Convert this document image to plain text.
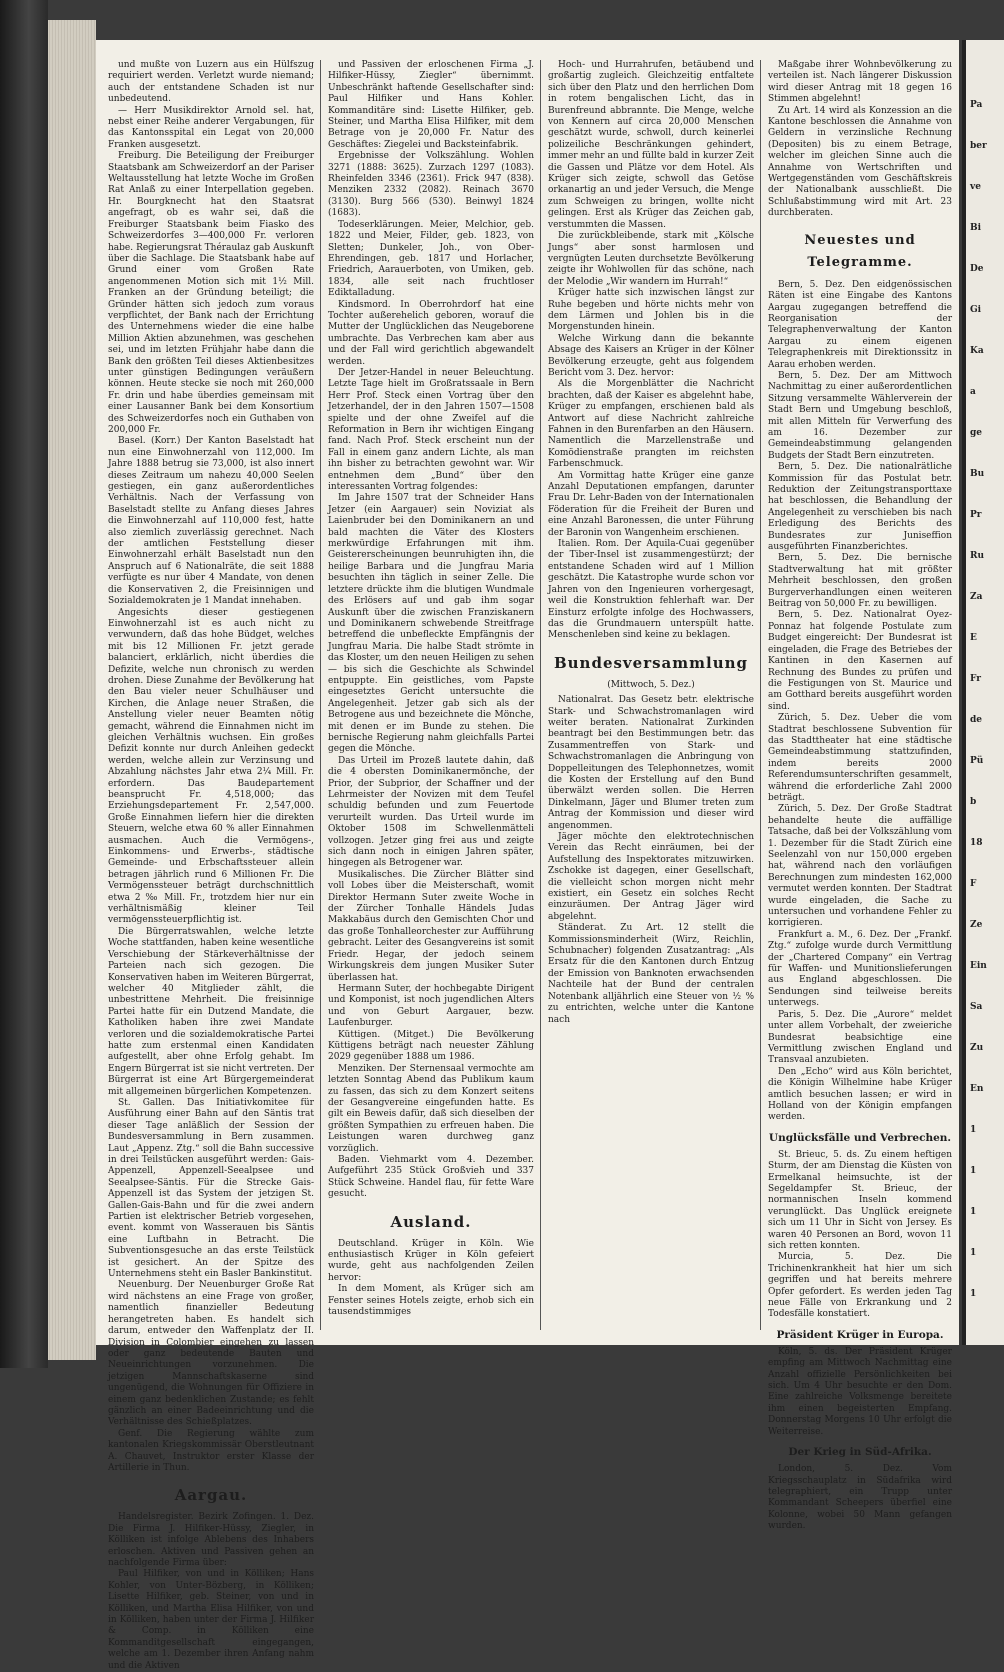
und mußte von Luzern aus ein Hülfszug requiriert werden. Verletzt wurde niemand; auch der entstandene Schaden ist nur unbedeutend.

— Herr Musikdirektor Arnold sel. hat, nebst einer Reihe anderer Vergabungen, für das Kantonsspital ein Legat von 20,000 Franken ausgesetzt.

Freiburg. Die Beteiligung der Freiburger Staatsbank am Schweizerdorf an der Pariser Weltausstellung hat letzte Woche im Großen Rat Anlaß zu einer Interpellation gegeben. Hr. Bourgknecht hat den Staatsrat angefragt, ob es wahr sei, daß die Freiburger Staatsbank beim Fiasko des Schweizerdorfes 3—400,000 Fr. verloren habe. Regierungsrat Théraulaz gab Auskunft über die Sachlage. Die Staatsbank habe auf Grund einer vom Großen Rate angenommenen Motion sich mit 1½ Mill. Franken an der Gründung beteiligt; die Gründer hätten sich jedoch zum voraus verpflichtet, der Bank nach der Errichtung des Unternehmens wieder die eine halbe Million Aktien abzunehmen, was geschehen sei, und im letzten Frühjahr habe dann die Bank den größten Teil dieses Aktienbesitzes unter günstigen Bedingungen veräußern können. Heute stecke sie noch mit 260,000 Fr. drin und habe überdies gemeinsam mit einer Lausanner Bank bei dem Konsortium des Schweizerdorfes noch ein Guthaben von 200,000 Fr.

Basel. (Korr.) Der Kanton Baselstadt hat nun eine Einwohnerzahl von 112,000. Im Jahre 1888 betrug sie 73,000, ist also innert dieses Zeitraum um nahezu 40,000 Seelen gestiegen, ein ganz außerordentliches Verhältnis. Nach der Verfassung von Baselstadt stellte zu Anfang dieses Jahres die Einwohnerzahl auf 110,000 fest, hatte also ziemlich zuverlässig gerechnet. Nach der amtlichen Feststellung dieser Einwohnerzahl erhält Baselstadt nun den Anspruch auf 6 Nationalräte, die seit 1888 verfügte es nur über 4 Mandate, von denen die Konservativen 2, die Freisinnigen und Sozialdemokraten je 1 Mandat innehaben.

Angesichts dieser gestiegenen Einwohnerzahl ist es auch nicht zu verwundern, daß das hohe Büdget, welches mit bis 12 Millionen Fr. jetzt gerade balanciert, erklärlich, nicht überdies die Defizite, welche nun chronisch zu werden drohen. Diese Zunahme der Bevölkerung hat den Bau vieler neuer Schulhäuser und Kirchen, die Anlage neuer Straßen, die Anstellung vieler neuer Beamten nötig gemacht, während die Einnahmen nicht im gleichen Verhältnis wuchsen. Ein großes Defizit konnte nur durch Anleihen gedeckt werden, welche allein zur Verzinsung und Abzahlung nächstes Jahr etwa 2¼ Mill. Fr. erfordern. Das Baudepartement beansprucht Fr. 4,518,000; das Erziehungsdepartement Fr. 2,547,000. Große Einnahmen liefern hier die direkten Steuern, welche etwa 60 % aller Einnahmen ausmachen. Auch die Vermögens-, Einkommens- und Erwerbs-, städtische Gemeinde- und Erbschaftssteuer allein betragen jährlich rund 6 Millionen Fr. Die Vermögenssteuer beträgt durchschnittlich etwa 2 ‰ Mill. Fr., trotzdem hier nur ein verhältnismäßig kleiner Teil vermögenssteuerpflichtig ist.

Die Bürgerratswahlen, welche letzte Woche stattfanden, haben keine wesentliche Verschiebung der Stärkeverhältnisse der Parteien nach sich gezogen. Die Konservativen haben im Weiteren Bürgerrat, welcher 40 Mitglieder zählt, die unbestrittene Mehrheit. Die freisinnige Partei hatte für ein Dutzend Mandate, die Katholiken haben ihre zwei Mandate verloren und die sozialdemokratische Partei hatte zum erstenmal einen Kandidaten aufgestellt, aber ohne Erfolg gehabt. Im Engern Bürgerrat ist sie nicht vertreten. Der Bürgerrat ist eine Art Bürgergemeinderat mit allgemeinen bürgerlichen Kompetenzen.

St. Gallen. Das Initiativkomitee für Ausführung einer Bahn auf den Säntis trat dieser Tage anläßlich der Session der Bundesversammlung in Bern zusammen. Laut „Appenz. Ztg.“ soll die Bahn successive in drei Teilstücken ausgeführt werden: Gais-Appenzell, Appenzell-Seealpsee und Seealpsee-Säntis. Für die Strecke Gais-Appenzell ist das System der jetzigen St. Gallen-Gais-Bahn und für die zwei andern Partien ist elektrischer Betrieb vorgesehen, event. kommt von Wasserauen bis Säntis eine Luftbahn in Betracht. Die Subventionsgesuche an das erste Teilstück ist gesichert. An der Spitze des Unternehmens steht ein Basler Bankinstitut.

Neuenburg. Der Neuenburger Große Rat wird nächstens an eine Frage von großer, namentlich finanzieller Bedeutung herangetreten haben. Es handelt sich darum, entweder den Waffenplatz der II. Division in Colombier eingehen zu lassen oder ganz bedeutende Bauten und Neueinrichtungen vorzunehmen. Die jetzigen Mannschaftskaserne sind ungenügend, die Wohnungen für Offiziere in einem ganz bedenklichen Zustande; es fehlt gänzlich an einer Badeeinrichtung und die Verhältnisse des Schießplatzes.

Genf. Die Regierung wählte zum kantonalen Kriegskommissär Oberstleutnant A. Chauvet, Instruktor erster Klasse der Artillerie in Thun.

Aargau.

Handelsregister. Bezirk Zofingen. 1. Dez. Die Firma J. Hilfiker-Hüssy, Ziegler, in Kölliken ist infolge Ablebens des Inhabers erloschen. Aktiven und Passiven gehen an nachfolgende Firma über:

Paul Hilfiker, von und in Kölliken; Hans Kohler, von Unter-Bözberg, in Kölliken; Lisette Hilfiker, geb. Steiner, von und in Kölliken, und Martha Elisa Hilfiker, von und in Kölliken, haben unter der Firma J. Hilfiker & Comp. in Kölliken eine Kommanditgesellschaft eingegangen, welche am 1. Dezember ihren Anfang nahm und die Aktiven

und Passiven der erloschenen Firma „J. Hilfiker-Hüssy, Ziegler“ übernimmt. Unbeschränkt haftende Gesellschafter sind: Paul Hilfiker und Hans Kohler. Kommanditäre sind: Lisette Hilfiker, geb. Steiner, und Martha Elisa Hilfiker, mit dem Betrage von je 20,000 Fr. Natur des Geschäftes: Ziegelei und Backsteinfabrik.

Ergebnisse der Volkszählung. Wohlen 3271 (1888: 3625). Zurzach 1297 (1083). Rheinfelden 3346 (2361). Frick 947 (838). Menziken 2332 (2082). Reinach 3670 (3130). Burg 566 (530). Beinwyl 1824 (1683).

Todeserklärungen. Meier, Melchior, geb. 1822 und Meier, Filder, geb. 1823, von Sletten; Dunkeler, Joh., von Ober-Ehrendingen, geb. 1817 und Horlacher, Friedrich, Aarauerboten, von Umiken, geb. 1834, alle seit nach fruchtloser Ediktalladung.

Kindsmord. In Oberrohrdorf hat eine Tochter außerehelich geboren, worauf die Mutter der Unglücklichen das Neugeborene umbrachte. Das Verbrechen kam aber aus und der Fall wird gerichtlich abgewandelt werden.

Der Jetzer-Handel in neuer Beleuchtung. Letzte Tage hielt im Großratssaale in Bern Herr Prof. Steck einen Vortrag über den Jetzerhandel, der in den Jahren 1507—1508 spielte und der ohne Zweifel auf die Reformation in Bern ihr wichtigen Eingang fand. Nach Prof. Steck erscheint nun der Fall in einem ganz andern Lichte, als man ihn bisher zu betrachten gewohnt war. Wir entnehmen dem „Bund“ über den interessanten Vortrag folgendes:

Im Jahre 1507 trat der Schneider Hans Jetzer (ein Aargauer) sein Noviziat als Laienbruder bei den Dominikanern an und bald machten die Väter des Klosters merkwürdige Erfahrungen mit ihm. Geistererscheinungen beunruhigten ihn, die heilige Barbara und die Jungfrau Maria besuchten ihn täglich in seiner Zelle. Die letztere drückte ihm die blutigen Wundmale des Erlösers auf und gab ihm sogar Auskunft über die zwischen Franziskanern und Dominikanern schwebende Streitfrage betreffend die unbefleckte Empfängnis der Jungfrau Maria. Die halbe Stadt strömte in das Kloster, um den neuen Heiligen zu sehen — bis sich die Geschichte als Schwindel entpuppte. Ein geistliches, vom Papste eingesetztes Gericht untersuchte die Angelegenheit. Jetzer gab sich als der Betrogene aus und bezeichnete die Mönche, mit denen er im Bunde zu stehen. Die bernische Regierung nahm gleichfalls Partei gegen die Mönche.

Das Urteil im Prozeß lautete dahin, daß die 4 obersten Dominikanermönche, der Prior, der Subprior, der Schaffner und der Lehrmeister der Novizen mit dem Teufel schuldig befunden und zum Feuertode verurteilt wurden. Das Urteil wurde im Oktober 1508 im Schwellenmätteli vollzogen. Jetzer ging frei aus und zeigte sich dann noch in einigen Jahren später, hingegen als Betrogener war.

Musikalisches. Die Zürcher Blätter sind voll Lobes über die Meisterschaft, womit Direktor Hermann Suter zweite Woche in der Zürcher Tonhalle Händels Judas Makkabäus durch den Gemischten Chor und das große Tonhalleorchester zur Aufführung gebracht. Leiter des Gesangvereins ist somit Friedr. Hegar, der jedoch seinem Wirkungskreis dem jungen Musiker Suter überlassen hat.

Hermann Suter, der hochbegabte Dirigent und Komponist, ist noch jugendlichen Alters und von Geburt Aargauer, bezw. Laufenburger.

Küttigen. (Mitget.) Die Bevölkerung Küttigens beträgt nach neuester Zählung 2029 gegenüber 1888 um 1986.

Menziken. Der Sternensaal vermochte am letzten Sonntag Abend das Publikum kaum zu fassen, das sich zu dem Konzert seitens der Gesangvereine eingefunden hatte. Es gilt ein Beweis dafür, daß sich dieselben der größten Sympathien zu erfreuen haben. Die Leistungen waren durchweg ganz vorzüglich.

Baden. Viehmarkt vom 4. Dezember. Aufgeführt 235 Stück Großvieh und 337 Stück Schweine. Handel flau, für fette Ware gesucht.

Ausland.

Deutschland. Krüger in Köln. Wie enthusiastisch Krüger in Köln gefeiert wurde, geht aus nachfolgenden Zeilen hervor:

In dem Moment, als Krüger sich am Fenster seines Hotels zeigte, erhob sich ein tausendstimmiges

Hoch- und Hurrahrufen, betäubend und großartig zugleich. Gleichzeitig entfaltete sich über den Platz und den herrlichen Dom in rotem bengalischen Licht, das in Burenfreund abbrannte. Die Menge, welche von Kennern auf circa 20,000 Menschen geschätzt wurde, schwoll, durch keinerlei polizeiliche Beschränkungen gehindert, immer mehr an und füllte bald in kurzer Zeit die Gassen und Plätze vor dem Hotel. Als Krüger sich zeigte, schwoll das Getöse orkanartig an und jeder Versuch, die Menge zum Schweigen zu bringen, wollte nicht gelingen. Erst als Krüger das Zeichen gab, verstummten die Massen.

Die zurückbleibende, stark mit „Kölsche Jungs“ aber sonst harmlosen und vergnügten Leuten durchsetzte Bevölkerung zeigte ihr Wohlwollen für das schöne, nach der Melodie „Wir wandern im Hurrah!“

Krüger hatte sich inzwischen längst zur Ruhe begeben und hörte nichts mehr von dem Lärmen und Johlen bis in die Morgenstunden hinein.

Welche Wirkung dann die bekannte Absage des Kaisers an Krüger in der Kölner Bevölkerung erzeugte, geht aus folgendem Bericht vom 3. Dez. hervor:

Als die Morgenblätter die Nachricht brachten, daß der Kaiser es abgelehnt habe, Krüger zu empfangen, erschienen bald als Antwort auf diese Nachricht zahlreiche Fahnen in den Burenfarben an den Häusern. Namentlich die Marzellenstraße und Komödienstraße prangten im reichsten Farbenschmuck.

Am Vormittag hatte Krüger eine ganze Anzahl Deputationen empfangen, darunter Frau Dr. Lehr-Baden von der Internationalen Föderation für die Freiheit der Buren und eine Anzahl Baronessen, die unter Führung der Baronin von Wangenheim erschienen.

Italien. Rom. Der Aquila-Cuai gegenüber der Tiber-Insel ist zusammengestürzt; der entstandene Schaden wird auf 1 Million geschätzt. Die Katastrophe wurde schon vor Jahren von den Ingenieuren vorhergesagt, weil die Konstruktion fehlerhaft war. Der Einsturz erfolgte infolge des Hochwassers, das die Grundmauern unterspült hatte. Menschenleben sind keine zu beklagen.

Bundesversammlung
(Mittwoch, 5. Dez.)

Nationalrat. Das Gesetz betr. elektrische Stark- und Schwachstromanlagen wird weiter beraten. Nationalrat Zurkinden beantragt bei den Bestimmungen betr. das Zusammentreffen von Stark- und Schwachstromanlagen die Anbringung von Doppelleitungen des Telephonnetzes, womit die Kosten der Erstellung auf den Bund überwälzt werden sollen. Die Herren Dinkelmann, Jäger und Blumer treten zum Antrag der Kommission und dieser wird angenommen.

Jäger möchte den elektrotechnischen Verein das Recht einräumen, bei der Aufstellung des Inspektorates mitzuwirken. Zschokke ist dagegen, einer Gesellschaft, die vielleicht schon morgen nicht mehr existiert, ein Gesetz ein solches Recht einzuräumen. Der Antrag Jäger wird abgelehnt.

Ständerat. Zu Art. 12 stellt die Kommissionsminderheit (Wirz, Reichlin, Schubnacher) folgenden Zusatzantrag: „Als Ersatz für die den Kantonen durch Entzug der Emission von Banknoten erwachsenden Nachteile hat der Bund der centralen Notenbank alljährlich eine Steuer von ½ % zu entrichten, welche unter die Kantone nach

Maßgabe ihrer Wohnbevölkerung zu verteilen ist. Nach längerer Diskussion wird dieser Antrag mit 18 gegen 16 Stimmen abgelehnt!

Zu Art. 14 wird als Konzession an die Kantone beschlossen die Annahme von Geldern in verzinsliche Rechnung (Depositen) bis zu einem Betrage, welcher im gleichen Sinne auch die Annahme von Wertschriften und Wertgegenständen vom Geschäftskreis der Nationalbank ausschließt. Die Schlußabstimmung wird mit Art. 23 durchberaten.

Neuestes und Telegramme.

Bern, 5. Dez. Den eidgenössischen Räten ist eine Eingabe des Kantons Aargau zugegangen betreffend die Reorganisation der Telegraphenverwaltung der Kanton Aargau zu einem eigenen Telegraphenkreis mit Direktionssitz in Aarau erhoben werden.

Bern, 5. Dez. Der am Mittwoch Nachmittag zu einer außerordentlichen Sitzung versammelte Wählerverein der Stadt Bern und Umgebung beschloß, mit allen Mitteln für Verwerfung des am 16. Dezember zur Gemeindeabstimmung gelangenden Budgets der Stadt Bern einzutreten.

Bern, 5. Dez. Die nationalrätliche Kommission für das Postulat betr. Reduktion der Zeitungstransporttaxe hat beschlossen, die Behandlung der Angelegenheit zu verschieben bis nach Erledigung des Berichts des Bundesrates zur Juniseffion ausgeführten Finanzberichtes.

Bern, 5. Dez. Die bernische Stadtverwaltung hat mit größter Mehrheit beschlossen, den großen Burgerverhandlungen einen weiteren Beitrag von 50,000 Fr. zu bewilligen.

Bern, 5. Dez. Nationalrat Oyez-Ponnaz hat folgende Postulate zum Budget eingereicht: Der Bundesrat ist eingeladen, die Frage des Betriebes der Kantinen in den Kasernen auf Rechnung des Bundes zu prüfen und die Festigungen von St. Maurice und am Gotthard bereits ausgeführt worden sind.

Zürich, 5. Dez. Ueber die vom Stadtrat beschlossene Subvention für das Stadttheater hat eine städtische Gemeindeabstimmung stattzufinden, indem bereits 2000 Referendumsunterschriften gesammelt, während die erforderliche Zahl 2000 beträgt.

Zürich, 5. Dez. Der Große Stadtrat behandelte heute die auffällige Tatsache, daß bei der Volkszählung vom 1. Dezember für die Stadt Zürich eine Seelenzahl von nur 150,000 ergeben hat, während nach den vorläufigen Berechnungen zum mindesten 162,000 vermutet werden konnten. Der Stadtrat wurde eingeladen, die Sache zu untersuchen und vorhandene Fehler zu korrigieren.

Frankfurt a. M., 6. Dez. Der „Frankf. Ztg.“ zufolge wurde durch Vermittlung der „Chartered Company“ ein Vertrag für Waffen- und Munitionslieferungen aus England abgeschlossen. Die Sendungen sind teilweise bereits unterwegs.

Paris, 5. Dez. Die „Aurore“ meldet unter allem Vorbehalt, der zweieriche Bundesrat beabsichtige eine Vermittlung zwischen England und Transvaal anzubieten.

Den „Echo“ wird aus Köln berichtet, die Königin Wilhelmine habe Krüger amtlich besuchen lassen; er wird in Holland von der Königin empfangen werden.

Unglücksfälle und Verbrechen.

St. Brieuc, 5. ds. Zu einem heftigen Sturm, der am Dienstag die Küsten von Ermelkanal heimsuchte, ist der Segeldampfer St. Brieuc, der normannischen Inseln kommend verunglückt. Das Unglück ereignete sich um 11 Uhr in Sicht von Jersey. Es waren 40 Personen an Bord, wovon 11 sich retten konnten.

Murcia, 5. Dez. Die Trichinenkrankheit hat hier um sich gegriffen und hat bereits mehrere Opfer gefordert. Es werden jeden Tag neue Fälle von Erkrankung und 2 Todesfälle konstatiert.

Präsident Krüger in Europa.

Köln, 5. ds. Der Präsident Krüger empfing am Mittwoch Nachmittag eine Anzahl offizielle Persönlichkeiten bei sich. Um 4 Uhr besuchte er den Dom. Eine zahlreiche Volksmenge bereitete ihm einen begeisterten Empfang. Donnerstag Morgens 10 Uhr erfolgt die Weiterreise.

Der Krieg in Süd-Afrika.

London, 5. Dez. Vom Kriegsschauplatz in Südafrika wird telegraphiert, ein Trupp unter Kommandant Scheepers überfiel eine Kolonne, wobei 50 Mann gefangen wurden.

Pa
ber
ve
Bi
De
Gi
Ka
a
ge
Bu
Pr
Ru
Za
E
Fr
de
Pü
b
18
F
Ze
Ein
Sa
Zu
En
1
1
1
1
1
